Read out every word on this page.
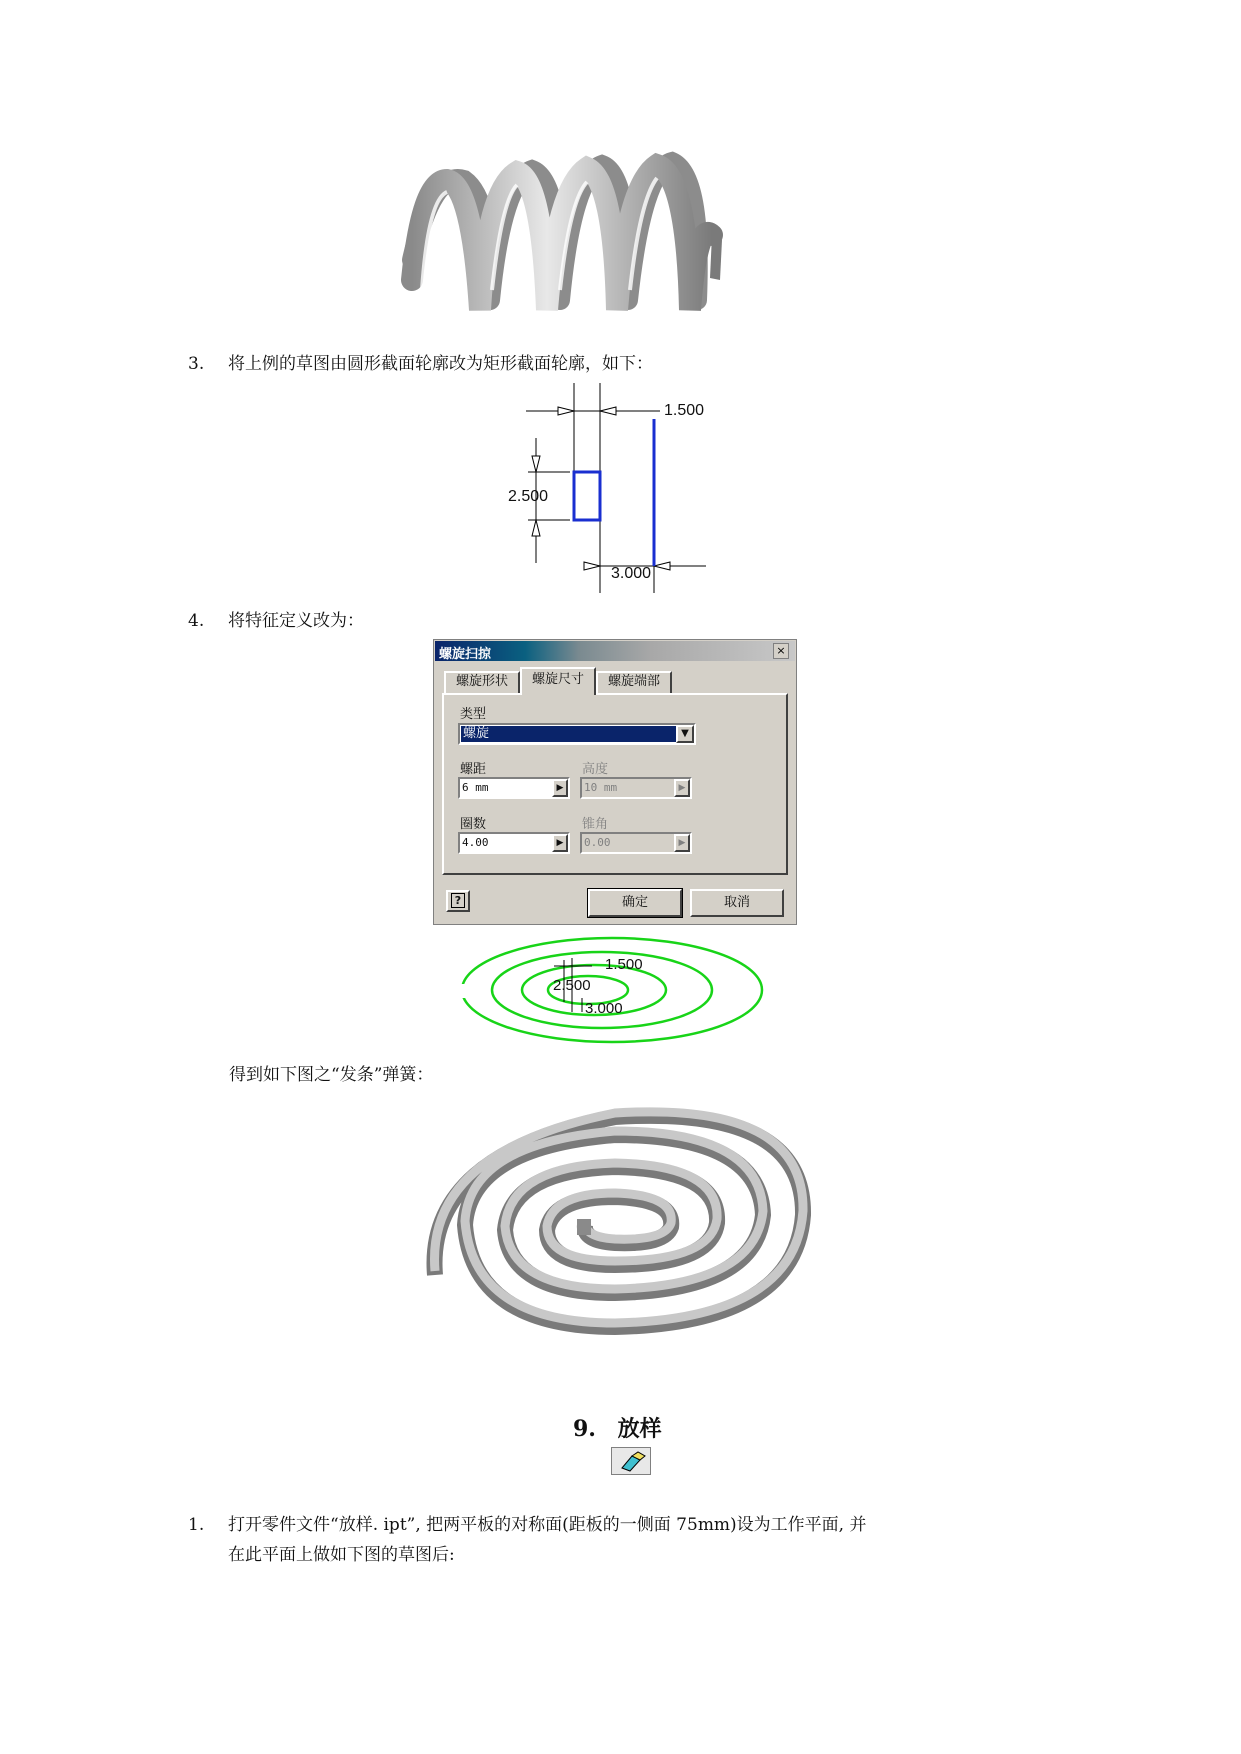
3. 将上例的草图由圆形截面轮廓改为矩形截面轮廓，如下：
1.500
2.500
3.000
4. 将特征定义改为：
螺旋扫掠	×
螺旋形状	螺旋尺寸	螺旋端部
类型
螺旋	▼
螺距	高度
6 mm	▶	10 mm	▶
圈数	锥角
4.00	▶	0.00	▶
?	确定	取消
1.500
2.500
3.000
得到如下图之“发条”弹簧：
9. 放样
1. 打开零件文件“放样. ipt”, 把两平板的对称面(距板的一侧面 75mm)设为工作平面, 并
在此平面上做如下图的草图后:
